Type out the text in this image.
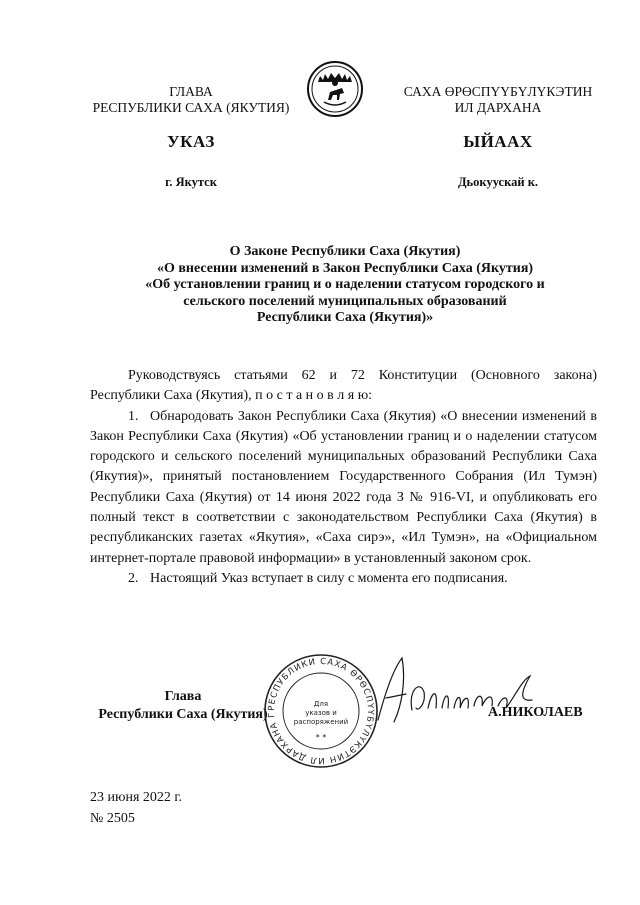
ГЛАВА
РЕСПУБЛИКИ САХА (ЯКУТИЯ)
САХА ӨРӨСПҮҮБҮЛҮКЭТИН
ИЛ ДАРХАНА
УКАЗ	ЫЙААХ
г. Якутск	Дьокуускай к.
О Законе Республики Саха (Якутия)
«О внесении изменений в Закон Республики Саха (Якутия)
«Об установлении границ и о наделении статусом городского и
сельского поселений муниципальных образований
Республики Саха (Якутия)»

Руководствуясь статьями 62 и 72 Конституции (Основного закона) Республики Саха (Якутия), п о с т а н о в л я ю:

1. Обнародовать Закон Республики Саха (Якутия) «О внесении изменений в Закон Республики Саха (Якутия) «Об установлении границ и о наделении статусом городского и сельского поселений муниципальных образований Республики Саха (Якутия)», принятый постановлением Государственного Собрания (Ил Тумэн) Республики Саха (Якутия) от 14 июня 2022 года З № 916-VI, и опубликовать его полный текст в соответствии с законодательством Республики Саха (Якутия) в республиканских газетах «Якутия», «Саха сирэ», «Ил Тумэн», на «Официальном интернет-портале правовой информации» в установленный законом срок.

2. Настоящий Указ вступает в силу с момента его подписания.

Глава
Республики Саха (Якутия) РЕСПУБЛИКИ САХА ӨРӨСПҮҮБҮЛҮКЭТИН ИЛ ДАРХАНА Г
Для
указов и
распоряжений
* *
А.НИКОЛАЕВ
23 июня 2022 г.
№ 2505
